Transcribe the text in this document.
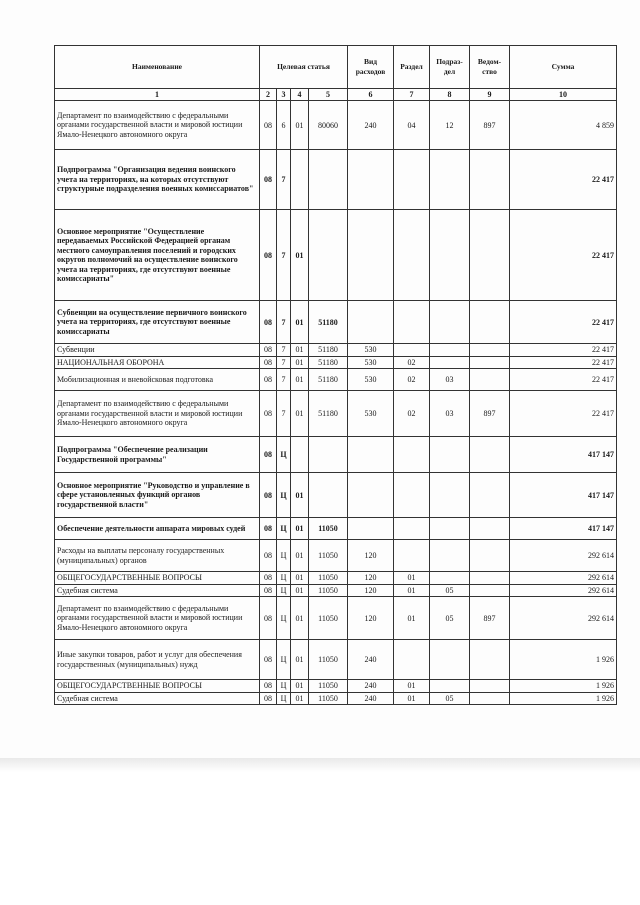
Наименование	Целевая статья				Вид расходов	Раздел	Подраз-дел	Ведом-ство	Сумма
1	2	3	4	5	6	7	8	9	10
Департамент по взаимодействию с федеральными органами государственной власти и мировой юстиции Ямало-Ненецкого автономного округа	08	6	01	80060	240	04	12	897	4 859
Подпрограмма "Организация ведения воинского учета на территориях, на которых отсутствуют структурные подразделения военных комиссариатов"	08	7							22 417
Основное мероприятие "Осуществление передаваемых Российской Федерацией органам местного самоуправления поселений и городских округов полномочий на осуществление воинского учета на территориях, где отсутствуют военные комиссариаты"	08	7	01						22 417
Субвенции на осуществление первичного воинского учета на территориях, где отсутствуют военные комиссариаты	08	7	01	51180					22 417
Субвенции	08	7	01	51180	530				22 417
НАЦИОНАЛЬНАЯ ОБОРОНА	08	7	01	51180	530	02			22 417
Мобилизационная и вневойсковая подготовка	08	7	01	51180	530	02	03		22 417
Департамент по взаимодействию с федеральными органами государственной власти и мировой юстиции Ямало-Ненецкого автономного округа	08	7	01	51180	530	02	03	897	22 417
Подпрограмма "Обеспечение реализации Государственной программы"	08	Ц							417 147
Основное мероприятие "Руководство и управление в сфере установленных функций органов государственной власти"	08	Ц	01						417 147
Обеспечение деятельности аппарата мировых судей	08	Ц	01	11050					417 147
Расходы на выплаты персоналу государственных (муниципальных) органов	08	Ц	01	11050	120				292 614
ОБЩЕГОСУДАРСТВЕННЫЕ ВОПРОСЫ	08	Ц	01	11050	120	01			292 614
Судебная система	08	Ц	01	11050	120	01	05		292 614
Департамент по взаимодействию с федеральными органами государственной власти и мировой юстиции Ямало-Ненецкого автономного округа	08	Ц	01	11050	120	01	05	897	292 614
Иные закупки товаров, работ и услуг для обеспечения государственных (муниципальных) нужд	08	Ц	01	11050	240				1 926
ОБЩЕГОСУДАРСТВЕННЫЕ ВОПРОСЫ	08	Ц	01	11050	240	01			1 926
Судебная система	08	Ц	01	11050	240	01	05		1 926
